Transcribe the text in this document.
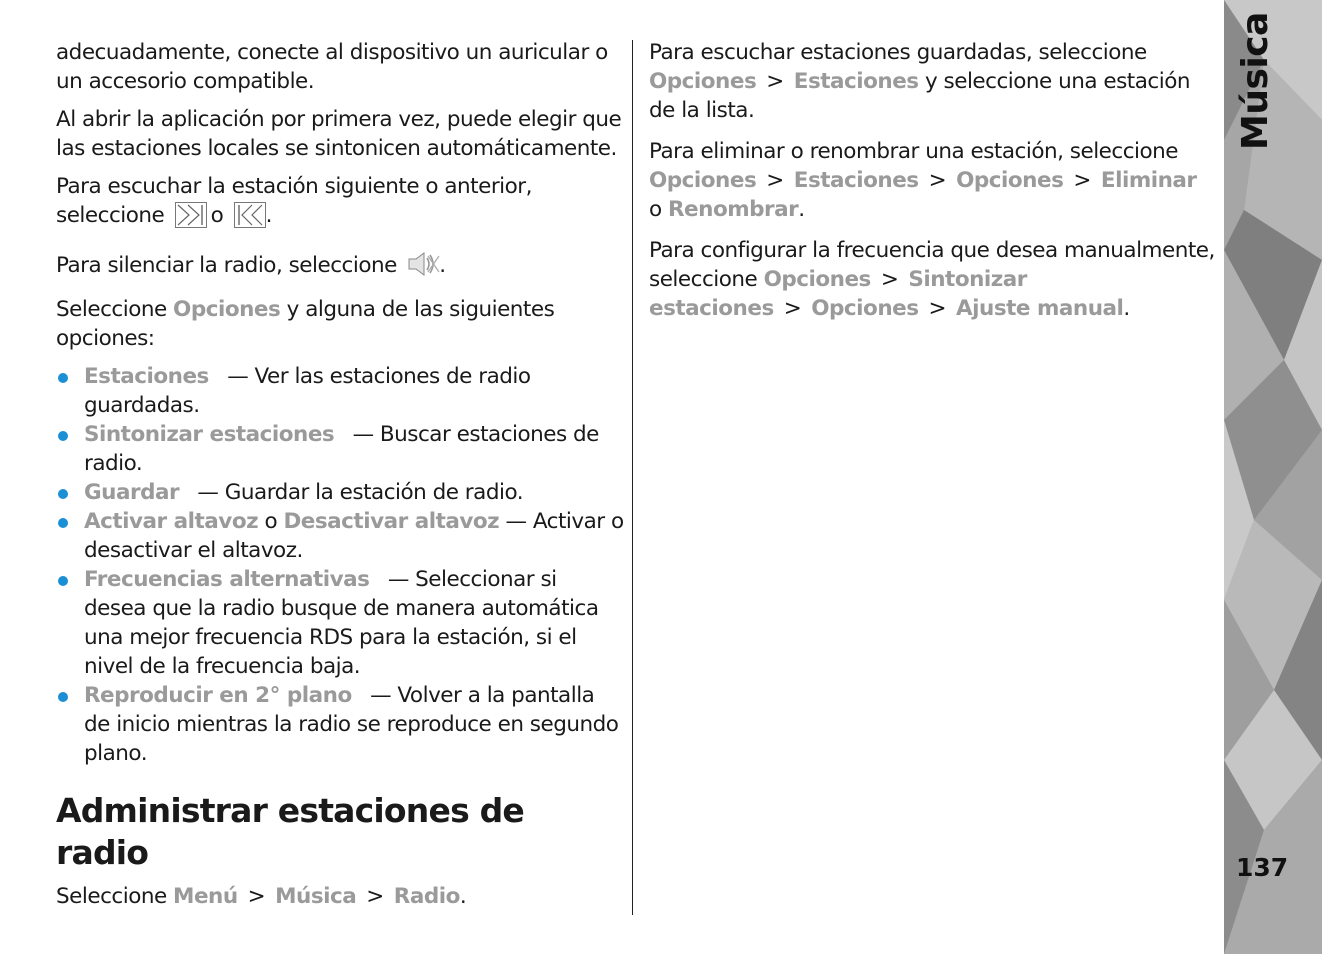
adecuadamente, conecte al dispositivo un auricular o un accesorio compatible.

Al abrir la aplicación por primera vez, puede elegir que las estaciones locales se sintonicen automáticamente.

Para escuchar la estación siguiente o anterior, seleccione o .

Para silenciar la radio, seleccione .

Seleccione Opciones y alguna de las siguientes opciones:

Estaciones — Ver las estaciones de radio guardadas.
Sintonizar estaciones — Buscar estaciones de radio.
Guardar — Guardar la estación de radio.
Activar altavoz o Desactivar altavoz — Activar o desactivar el altavoz.
Frecuencias alternativas — Seleccionar si desea que la radio busque de manera automática una mejor frecuencia RDS para la estación, si el nivel de la frecuencia baja.
Reproducir en 2° plano — Volver a la pantalla de inicio mientras la radio se reproduce en segundo plano.
Administrar estaciones de radio

Seleccione Menú > Música > Radio.

Para escuchar estaciones guardadas, seleccione Opciones > Estaciones y seleccione una estación de la lista.

Para eliminar o renombrar una estación, seleccione Opciones > Estaciones > Opciones > Eliminar o Renombrar.

Para configurar la frecuencia que desea manualmente, seleccione Opciones > Sintonizar estaciones > Opciones > Ajuste manual.

Música
137
